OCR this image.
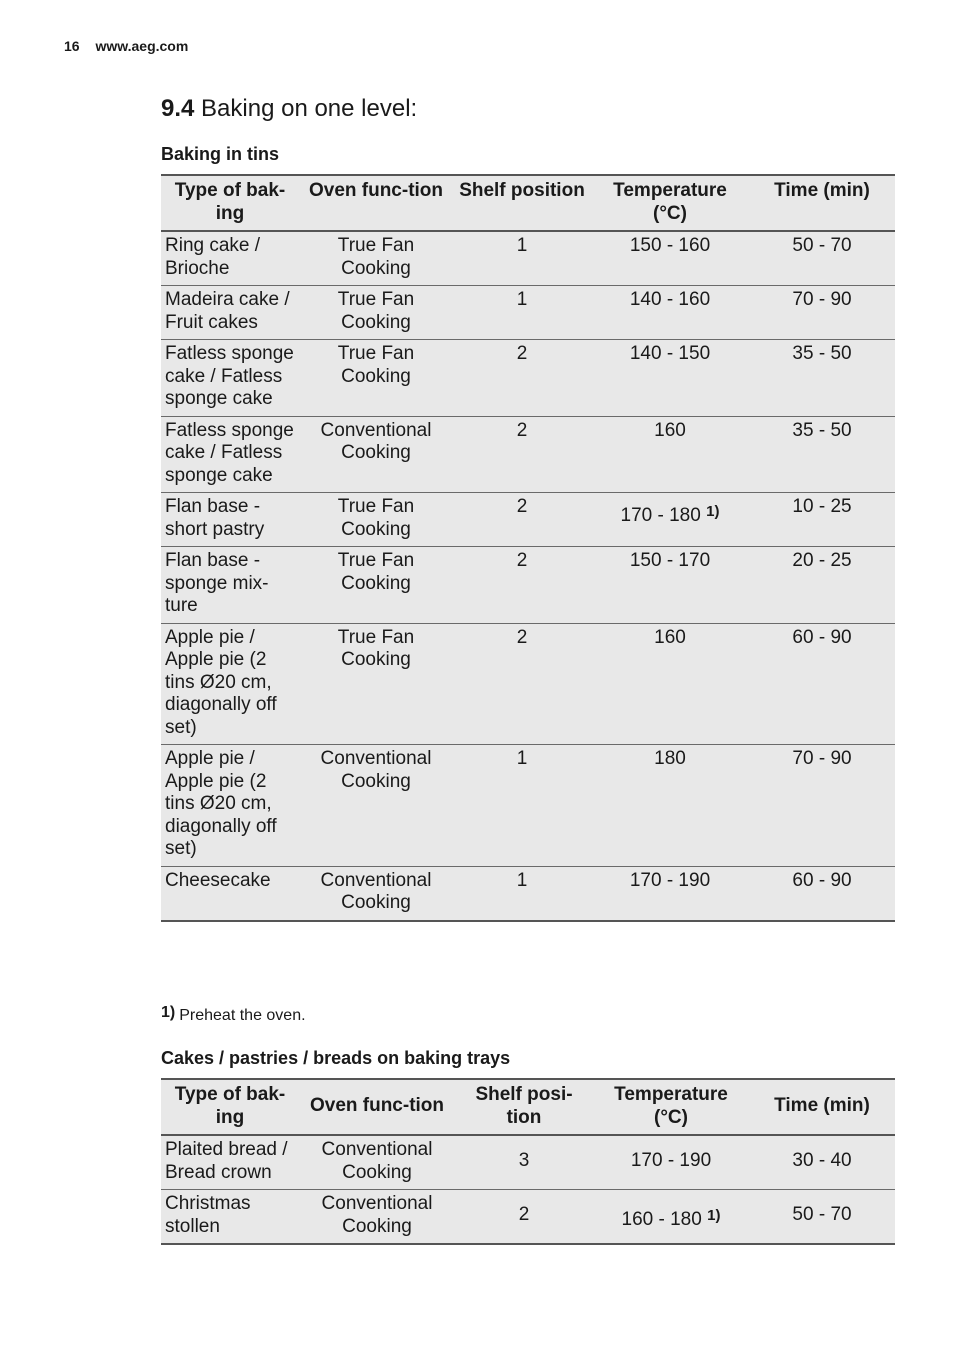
16 www.aeg.com
9.4 Baking on one level:
Baking in tins
Type of bak-ing	Oven func-tion	Shelf position	Temperature (°C)	Time (min)
Ring cake / Brioche	True Fan Cooking	1	150 - 160	50 - 70
Madeira cake / Fruit cakes	True Fan Cooking	1	140 - 160	70 - 90
Fatless sponge cake / Fatless sponge cake	True Fan Cooking	2	140 - 150	35 - 50
Fatless sponge cake / Fatless sponge cake	Conventional Cooking	2	160	35 - 50
Flan base - short pastry	True Fan Cooking	2	170 - 180 $^{1)}$	10 - 25
Flan base - sponge mix-ture	True Fan Cooking	2	150 - 170	20 - 25
Apple pie / Apple pie (2 tins Ø20 cm, diagonally off set)	True Fan Cooking	2	160	60 - 90
Apple pie / Apple pie (2 tins Ø20 cm, diagonally off set)	Conventional Cooking	1	180	70 - 90
Cheesecake	Conventional Cooking	1	170 - 190	60 - 90
1) Preheat the oven.
Cakes / pastries / breads on baking trays
Type of bak-ing	Oven func-tion	Shelf posi-tion	Temperature (°C)	Time (min)
Plaited bread / Bread crown	Conventional Cooking	3	170 - 190	30 - 40
Christmas stollen	Conventional Cooking	2	160 - 180 $^{1)}$	50 - 70
